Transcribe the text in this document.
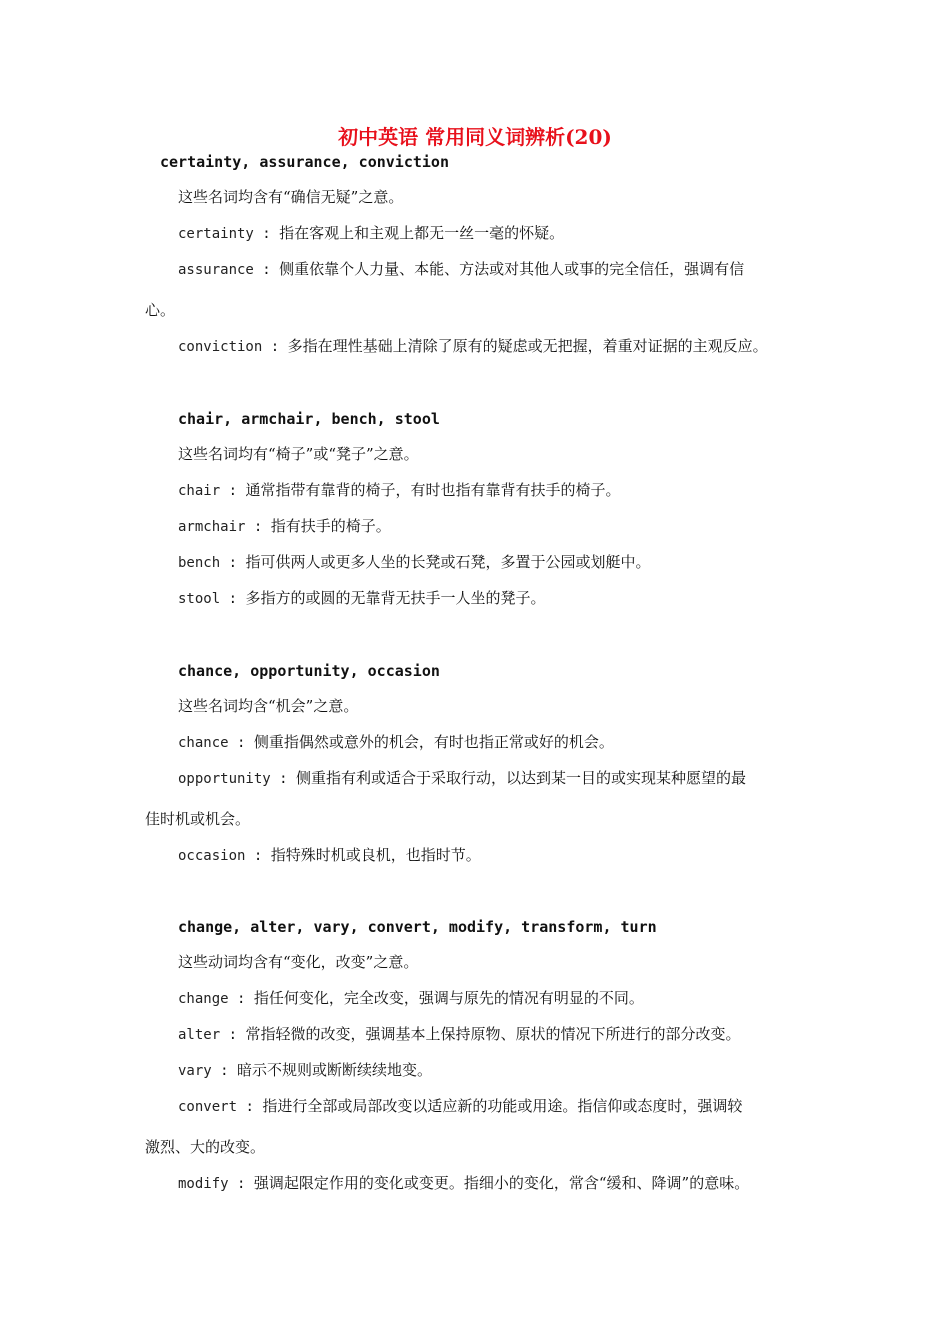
初中英语 常用同义词辨析(20)
certainty, assurance, conviction
这些名词均含有“确信无疑”之意。
certainty : 指在客观上和主观上都无一丝一毫的怀疑。
assurance : 侧重依靠个人力量、本能、方法或对其他人或事的完全信任，强调有信
心。
conviction : 多指在理性基础上清除了原有的疑虑或无把握，着重对证据的主观反应。
chair, armchair, bench, stool
这些名词均有“椅子”或“凳子”之意。
chair : 通常指带有靠背的椅子，有时也指有靠背有扶手的椅子。
armchair : 指有扶手的椅子。
bench : 指可供两人或更多人坐的长凳或石凳，多置于公园或划艇中。
stool : 多指方的或圆的无靠背无扶手一人坐的凳子。
chance, opportunity, occasion
这些名词均含“机会”之意。
chance : 侧重指偶然或意外的机会，有时也指正常或好的机会。
opportunity : 侧重指有利或适合于采取行动，以达到某一目的或实现某种愿望的最
佳时机或机会。
occasion : 指特殊时机或良机，也指时节。
change, alter, vary, convert, modify, transform, turn
这些动词均含有“变化，改变”之意。
change : 指任何变化，完全改变，强调与原先的情况有明显的不同。
alter : 常指轻微的改变，强调基本上保持原物、原状的情况下所进行的部分改变。
vary : 暗示不规则或断断续续地变。
convert : 指进行全部或局部改变以适应新的功能或用途。指信仰或态度时，强调较
激烈、大的改变。
modify : 强调起限定作用的变化或变更。指细小的变化，常含“缓和、降调”的意味。
